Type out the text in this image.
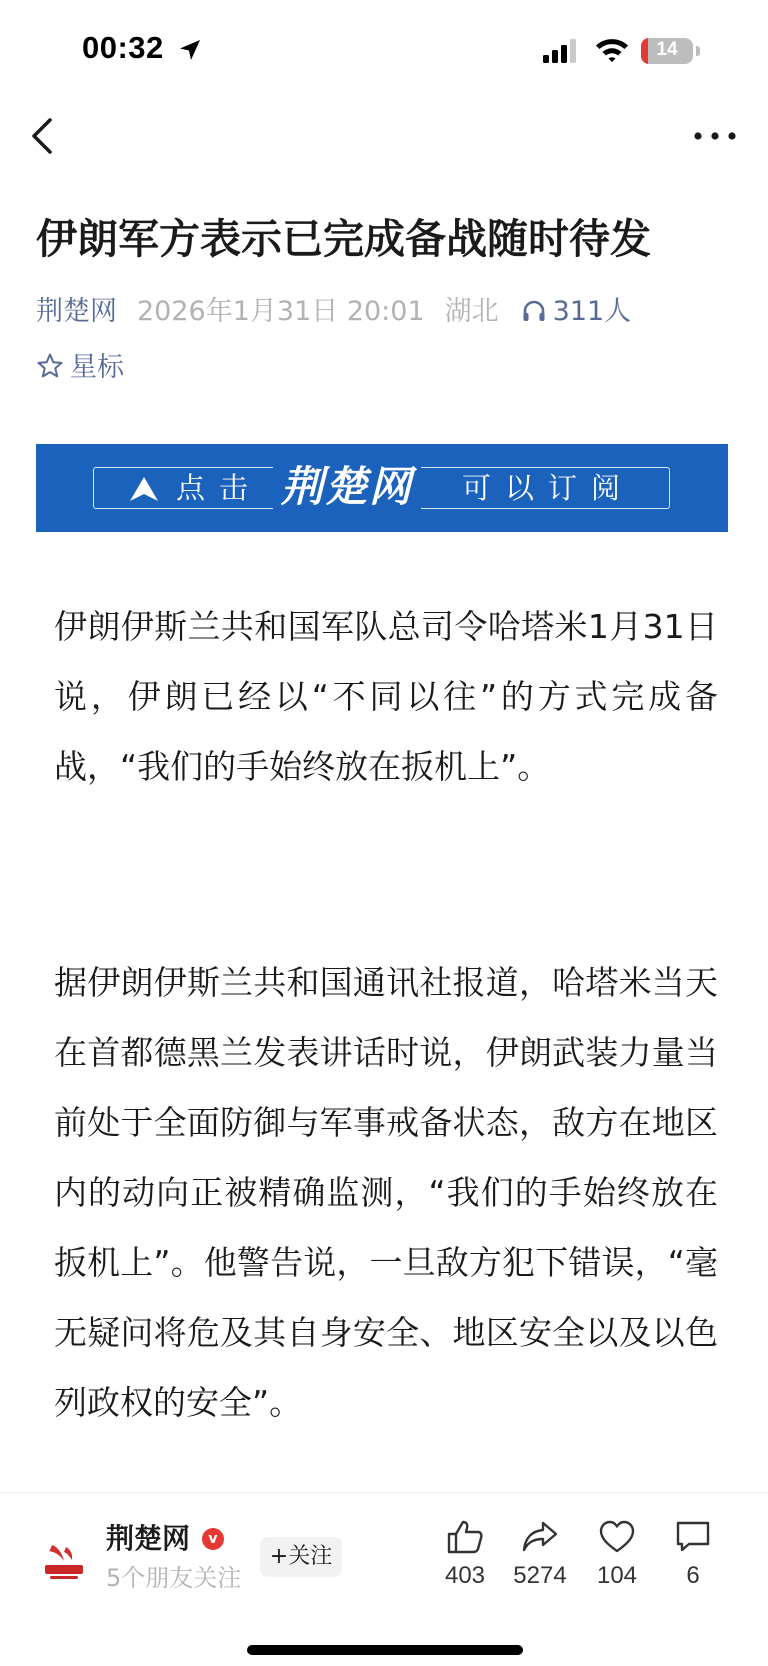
00:32	14
伊朗军方表示已完成备战随时待发
荆楚网 2026年1月31日 20:01 湖北 311人
星标
点击 荆楚网 可以订阅

伊朗伊斯兰共和国军队总司令哈塔米1月31日说，伊朗已经以“不同以往”的方式完成备战，“我们的手始终放在扳机上”。

据伊朗伊斯兰共和国通讯社报道，哈塔米当天在首都德黑兰发表讲话时说，伊朗武装力量当前处于全面防御与军事戒备状态，敌方在地区内的动向正被精确监测，“我们的手始终放在扳机上”。他警告说，一旦敌方犯下错误，“毫无疑问将危及其自身安全、地区安全以及以色列政权的安全”。

荆楚网	v
5个朋友关注
+关注
403	5274	104	6
